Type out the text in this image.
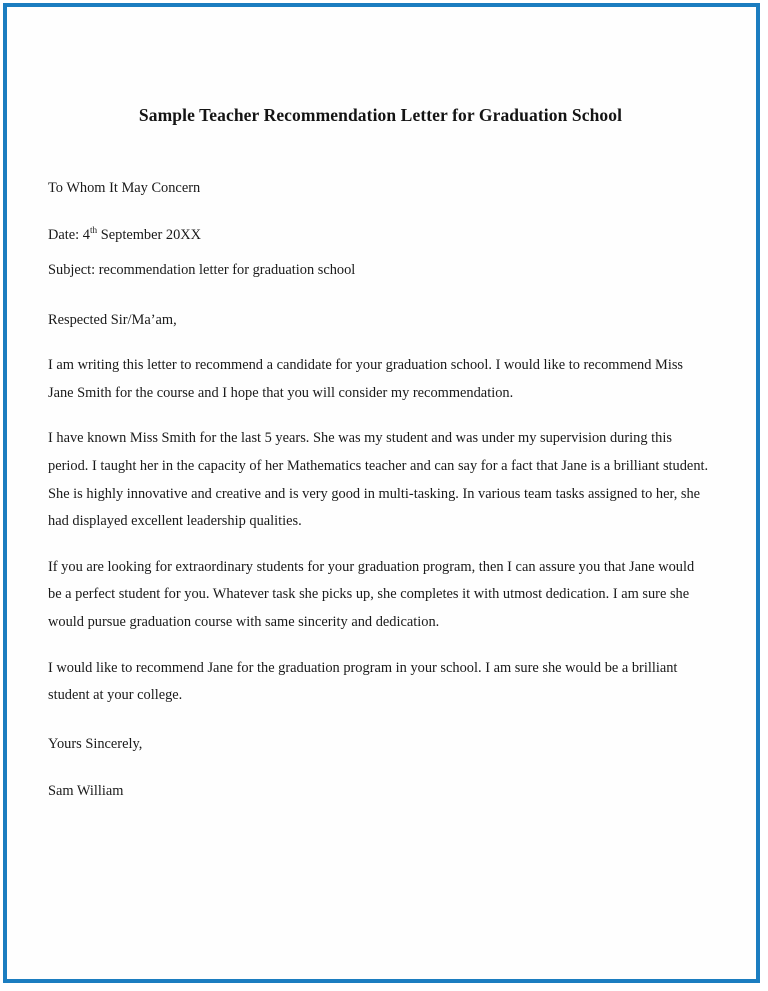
Sample Teacher Recommendation Letter for Graduation School

To Whom It May Concern

Date: 4th September 20XX

Subject: recommendation letter for graduation school

Respected Sir/Ma’am,

I am writing this letter to recommend a candidate for your graduation school. I would like to recommend Miss Jane Smith for the course and I hope that you will consider my recommendation.

I have known Miss Smith for the last 5 years. She was my student and was under my supervision during this period. I taught her in the capacity of her Mathematics teacher and can say for a fact that Jane is a brilliant student. She is highly innovative and creative and is very good in multi-tasking. In various team tasks assigned to her, she had displayed excellent leadership qualities.

If you are looking for extraordinary students for your graduation program, then I can assure you that Jane would be a perfect student for you. Whatever task she picks up, she completes it with utmost dedication. I am sure she would pursue graduation course with same sincerity and dedication.

I would like to recommend Jane for the graduation program in your school. I am sure she would be a brilliant student at your college.

Yours Sincerely,

Sam William
